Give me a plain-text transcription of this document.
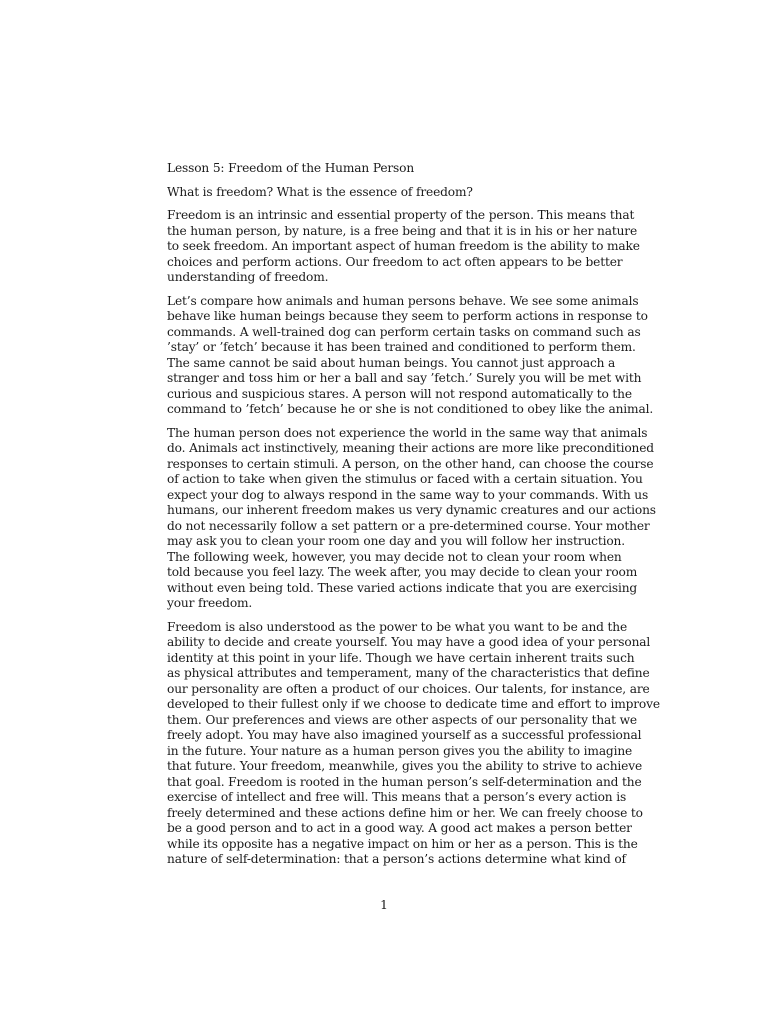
Lesson 5: Freedom of the Human Person
What is freedom? What is the essence of freedom?
Freedom is an intrinsic and essential property of the person. This means that
the human person, by nature, is a free being and that it is in his or her nature
to seek freedom. An important aspect of human freedom is the ability to make
choices and perform actions. Our freedom to act often appears to be better
understanding of freedom.
Let’s compare how animals and human persons behave. We see some animals
behave like human beings because they seem to perform actions in response to
commands. A well-trained dog can perform certain tasks on command such as
’stay’ or ’fetch’ because it has been trained and conditioned to perform them.
The same cannot be said about human beings. You cannot just approach a
stranger and toss him or her a ball and say ’fetch.’ Surely you will be met with
curious and suspicious stares. A person will not respond automatically to the
command to ’fetch’ because he or she is not conditioned to obey like the animal.
The human person does not experience the world in the same way that animals
do. Animals act instinctively, meaning their actions are more like preconditioned
responses to certain stimuli. A person, on the other hand, can choose the course
of action to take when given the stimulus or faced with a certain situation. You
expect your dog to always respond in the same way to your commands. With us
humans, our inherent freedom makes us very dynamic creatures and our actions
do not necessarily follow a set pattern or a pre-determined course. Your mother
may ask you to clean your room one day and you will follow her instruction.
The following week, however, you may decide not to clean your room when
told because you feel lazy. The week after, you may decide to clean your room
without even being told. These varied actions indicate that you are exercising
your freedom.
Freedom is also understood as the power to be what you want to be and the
ability to decide and create yourself. You may have a good idea of your personal
identity at this point in your life. Though we have certain inherent traits such
as physical attributes and temperament, many of the characteristics that define
our personality are often a product of our choices. Our talents, for instance, are
developed to their fullest only if we choose to dedicate time and effort to improve
them. Our preferences and views are other aspects of our personality that we
freely adopt. You may have also imagined yourself as a successful professional
in the future. Your nature as a human person gives you the ability to imagine
that future. Your freedom, meanwhile, gives you the ability to strive to achieve
that goal. Freedom is rooted in the human person’s self-determination and the
exercise of intellect and free will. This means that a person’s every action is
freely determined and these actions define him or her. We can freely choose to
be a good person and to act in a good way. A good act makes a person better
while its opposite has a negative impact on him or her as a person. This is the
nature of self-determination: that a person’s actions determine what kind of
1
